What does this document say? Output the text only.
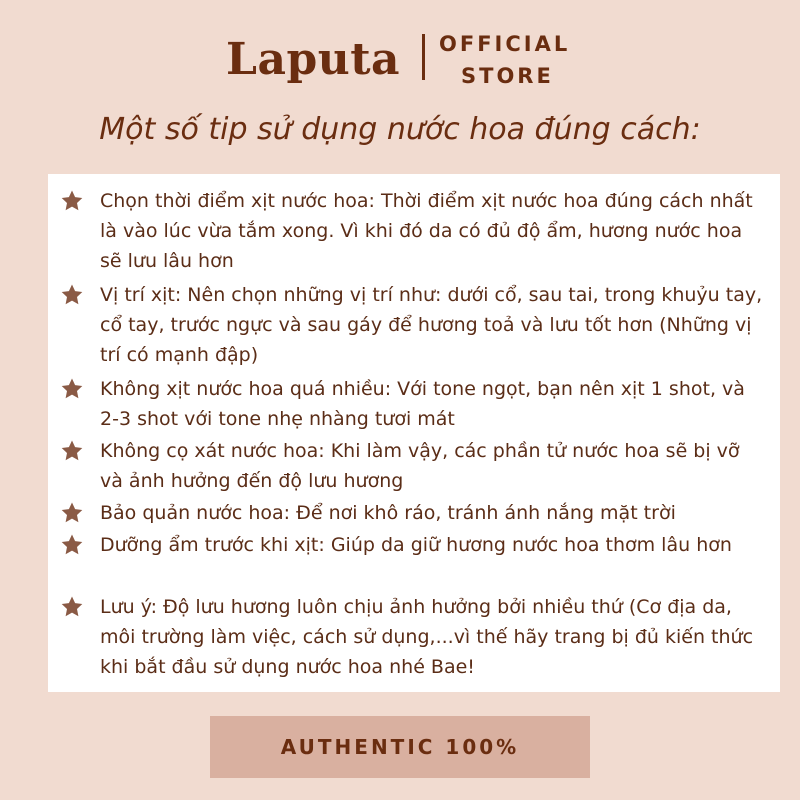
Laputa OFFICIAL
STORE
Một số tip sử dụng nước hoa đúng cách:
Chọn thời điểm xịt nước hoa: Thời điểm xịt nước hoa đúng cách nhất là vào lúc vừa tắm xong. Vì khi đó da có đủ độ ẩm, hương nước hoa sẽ lưu lâu hơn
Vị trí xịt: Nên chọn những vị trí như: dưới cổ, sau tai, trong khuỷu tay, cổ tay, trước ngực và sau gáy để hương toả và lưu tốt hơn (Những vị trí có mạnh đập)
Không xịt nước hoa quá nhiều: Với tone ngọt, bạn nên xịt 1 shot, và 2-3 shot với tone nhẹ nhàng tươi mát
Không cọ xát nước hoa: Khi làm vậy, các phần tử nước hoa sẽ bị vỡ và ảnh hưởng đến độ lưu hương
Bảo quản nước hoa: Để nơi khô ráo, tránh ánh nắng mặt trời
Dưỡng ẩm trước khi xịt: Giúp da giữ hương nước hoa thơm lâu hơn
Lưu ý: Độ lưu hương luôn chịu ảnh hưởng bởi nhiều thứ (Cơ địa da, môi trường làm việc, cách sử dụng,...vì thế hãy trang bị đủ kiến thức khi bắt đầu sử dụng nước hoa nhé Bae!
AUTHENTIC 100%
